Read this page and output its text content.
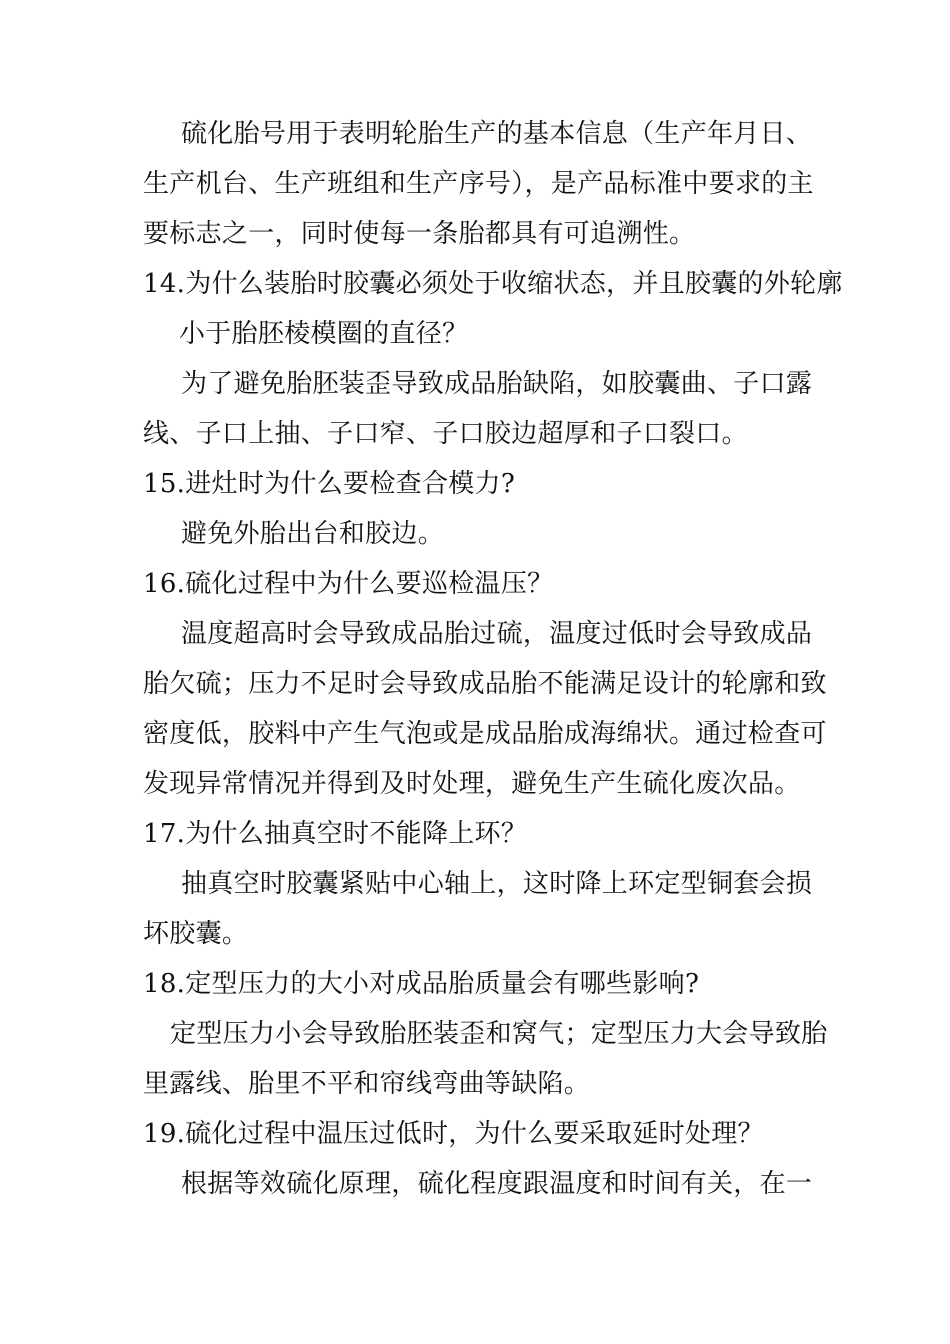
硫化胎号用于表明轮胎生产的基本信息（生产年月日、
生产机台、生产班组和生产序号），是产品标准中要求的主
要标志之一，同时使每一条胎都具有可追溯性。
14.为什么装胎时胶囊必须处于收缩状态，并且胶囊的外轮廓
小于胎胚棱模圈的直径？
为了避免胎胚装歪导致成品胎缺陷，如胶囊曲、子口露
线、子口上抽、子口窄、子口胶边超厚和子口裂口。
15.进灶时为什么要检查合模力?
避免外胎出台和胶边。
16.硫化过程中为什么要巡检温压？
温度超高时会导致成品胎过硫，温度过低时会导致成品
胎欠硫；压力不足时会导致成品胎不能满足设计的轮廓和致
密度低，胶料中产生气泡或是成品胎成海绵状。通过检查可
发现异常情况并得到及时处理，避免生产生硫化废次品。
17.为什么抽真空时不能降上环？
抽真空时胶囊紧贴中心轴上，这时降上环定型铜套会损
坏胶囊。
18.定型压力的大小对成品胎质量会有哪些影响?
定型压力小会导致胎胚装歪和窝气；定型压力大会导致胎
里露线、胎里不平和帘线弯曲等缺陷。
19.硫化过程中温压过低时，为什么要采取延时处理？
根据等效硫化原理，硫化程度跟温度和时间有关，在一
